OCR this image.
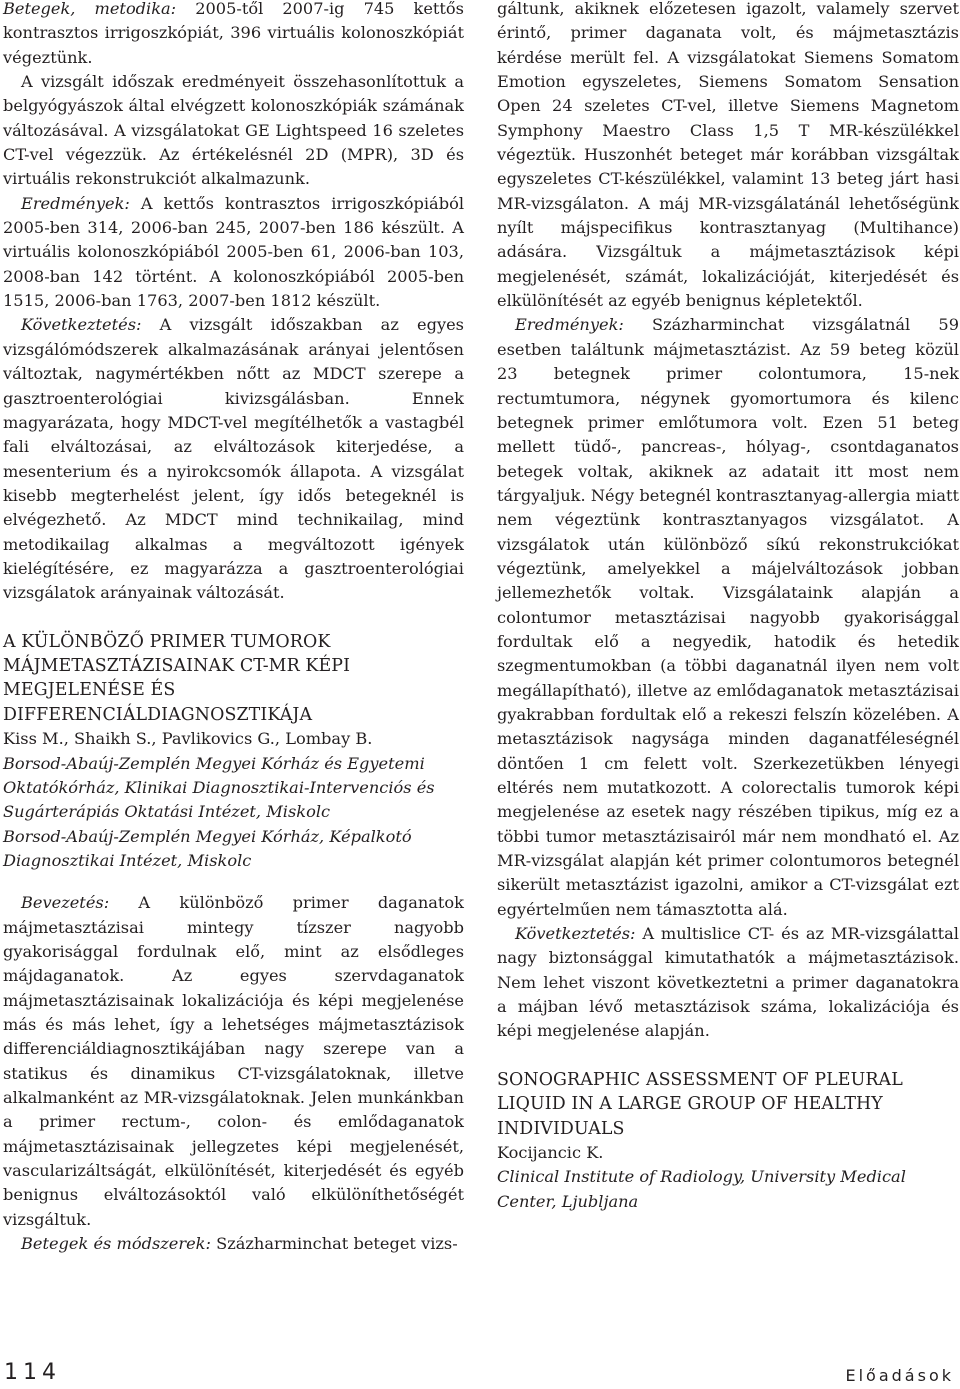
Betegek, metodika: 2005-től 2007-ig 745 kettős kontrasztos irrigoszkópiát, 396 virtuális kolonoszkópiát végeztünk.

A vizsgált időszak eredményeit összehasonlítottuk a belgyógyászok által elvégzett kolonoszkópiák számának változásával. A vizsgálatokat GE Lightspeed 16 szeletes CT-vel végezzük. Az értékelésnél 2D (MPR), 3D és virtuális rekonstrukciót alkalmazunk.

Eredmények: A kettős kontrasztos irrigoszkópiából 2005-ben 314, 2006-ban 245, 2007-ben 186 készült. A virtuális kolonoszkópiából 2005-ben 61, 2006-ban 103, 2008-ban 142 történt. A kolonoszkópiából 2005-ben 1515, 2006-ban 1763, 2007-ben 1812 készült.

Következtetés: A vizsgált időszakban az egyes vizsgálómódszerek alkalmazásának arányai jelentősen változtak, nagymértékben nőtt az MDCT szerepe a gasztroenterológiai kivizsgálásban. Ennek magyarázata, hogy MDCT-vel megítélhetők a vastagbél fali elváltozásai, az elváltozások kiterjedése, a mesenterium és a nyirokcsomók állapota. A vizsgálat kisebb megterhelést jelent, így idős betegeknél is elvégezhető. Az MDCT mind technikailag, mind metodikailag alkalmas a megváltozott igények kielégítésére, ez magyarázza a gasztroenterológiai vizsgálatok arányainak változását.

A KÜLÖNBÖZŐ PRIMER TUMOROK MÁJMETASZTÁZISAINAK CT-MR KÉPI MEGJELENÉSE ÉS DIFFERENCIÁLDIAGNOSZTIKÁJA
Kiss M., Shaikh S., Pavlikovics G., Lombay B.
Borsod-Abaúj-Zemplén Megyei Kórház és Egyetemi Oktatókórház, Klinikai Diagnosztikai-Intervenciós és Sugárterápiás Oktatási Intézet, Miskolc
Borsod-Abaúj-Zemplén Megyei Kórház, Képalkotó Diagnosztikai Intézet, Miskolc

Bevezetés: A különböző primer daganatok májmetasztázisai mintegy tízszer nagyobb gyakorisággal fordulnak elő, mint az elsődleges májdaganatok. Az egyes szervdaganatok májmetasztázisainak lokalizációja és képi megjelenése más és más lehet, így a lehetséges májmetasztázisok differenciáldiagnosztikájában nagy szerepe van a statikus és dinamikus CT-vizsgálatoknak, illetve alkalmanként az MR-vizsgálatoknak. Jelen munkánkban a primer rectum-, colon- és emlődaganatok májmetasztázisainak jellegzetes képi megjelenését, vascularizáltságát, elkülönítését, kiterjedését és egyéb benignus elváltozásoktól való elkülöníthetőségét vizsgáltuk.

Betegek és módszerek: Százharminchat beteget vizs-

gáltunk, akiknek előzetesen igazolt, valamely szervet érintő, primer daganata volt, és májmetasztázis kérdése merült fel. A vizsgálatokat Siemens Somatom Emotion egyszeletes, Siemens Somatom Sensation Open 24 szeletes CT-vel, illetve Siemens Magnetom Symphony Maestro Class 1,5 T MR-készülékkel végeztük. Huszonhét beteget már korábban vizsgáltak egyszeletes CT-készülékkel, valamint 13 beteg járt hasi MR-vizsgálaton. A máj MR-vizsgálatánál lehetőségünk nyílt májspecifikus kontrasztanyag (Multihance) adására. Vizsgáltuk a májmetasztázisok képi megjelenését, számát, lokalizációját, kiterjedését és elkülönítését az egyéb benignus képletektől.

Eredmények: Százharminchat vizsgálatnál 59 esetben találtunk májmetasztázist. Az 59 beteg közül 23 betegnek primer colontumora, 15-nek rectumtumora, négynek gyomortumora és kilenc betegnek primer emlőtumora volt. Ezen 51 beteg mellett tüdő-, pancreas-, hólyag-, csontdaganatos betegek voltak, akiknek az adatait itt most nem tárgyaljuk. Négy betegnél kontrasztanyag-allergia miatt nem végeztünk kontrasztanyagos vizsgálatot. A vizsgálatok után különböző síkú rekonstrukciókat végeztünk, amelyekkel a májelváltozások jobban jellemezhetők voltak. Vizsgálataink alapján a colontumor metasztázisai nagyobb gyakorisággal fordultak elő a negyedik, hatodik és hetedik szegmentumokban (a többi daganatnál ilyen nem volt megállapítható), illetve az emlődaganatok metasztázisai gyakrabban fordultak elő a rekeszi felszín közelében. A metasztázisok nagysága minden daganatféleségnél döntően 1 cm felett volt. Szerkezetükben lényegi eltérés nem mutatkozott. A colorectalis tumorok képi megjelenése az esetek nagy részében tipikus, míg ez a többi tumor metasztázisairól már nem mondható el. Az MR-vizsgálat alapján két primer colontumoros betegnél sikerült metasztázist igazolni, amikor a CT-vizsgálat ezt egyértelműen nem támasztotta alá.

Következtetés: A multislice CT- és az MR-vizsgálattal nagy biztonsággal kimutathatók a májmetasztázisok. Nem lehet viszont következtetni a primer daganatokra a májban lévő metasztázisok száma, lokalizációja és képi megjelenése alapján.

SONOGRAPHIC ASSESSMENT OF PLEURAL LIQUID IN A LARGE GROUP OF HEALTHY INDIVIDUALS
Kocijancic K.
Clinical Institute of Radiology, University Medical Center, Ljubljana
114	Előadások
